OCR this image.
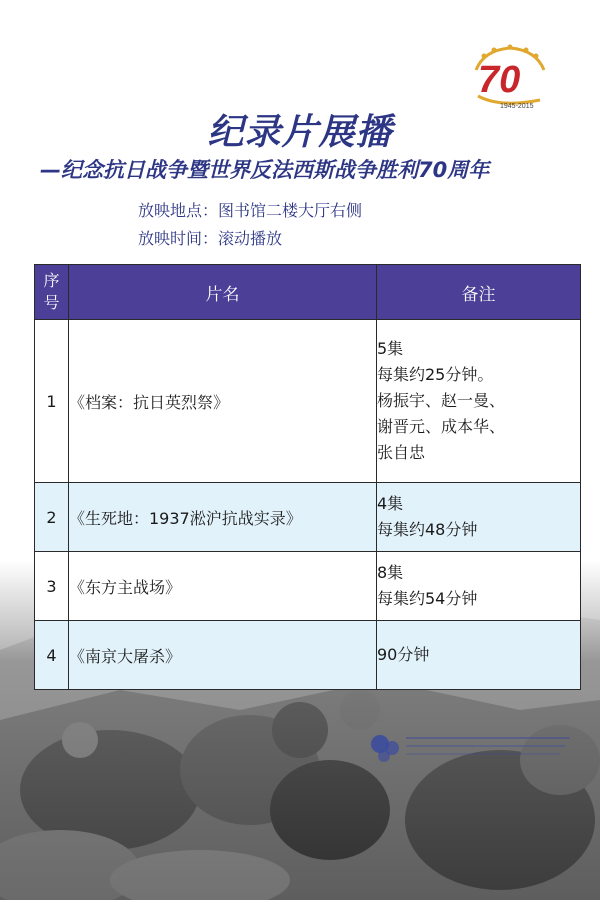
70
1945-2015
纪录片展播
—纪念抗日战争暨世界反法西斯战争胜利70周年
放映地点：图书馆二楼大厅右侧
放映时间：滚动播放
序
号	片名	备注
1	《档案：抗日英烈祭》	5集
每集约25分钟。
杨振宇、赵一曼、
谢晋元、成本华、
张自忠

2	《生死地：1937淞沪抗战实录》	4集
每集约48分钟

3	《东方主战场》	8集
每集约54分钟

4	《南京大屠杀》	90分钟
